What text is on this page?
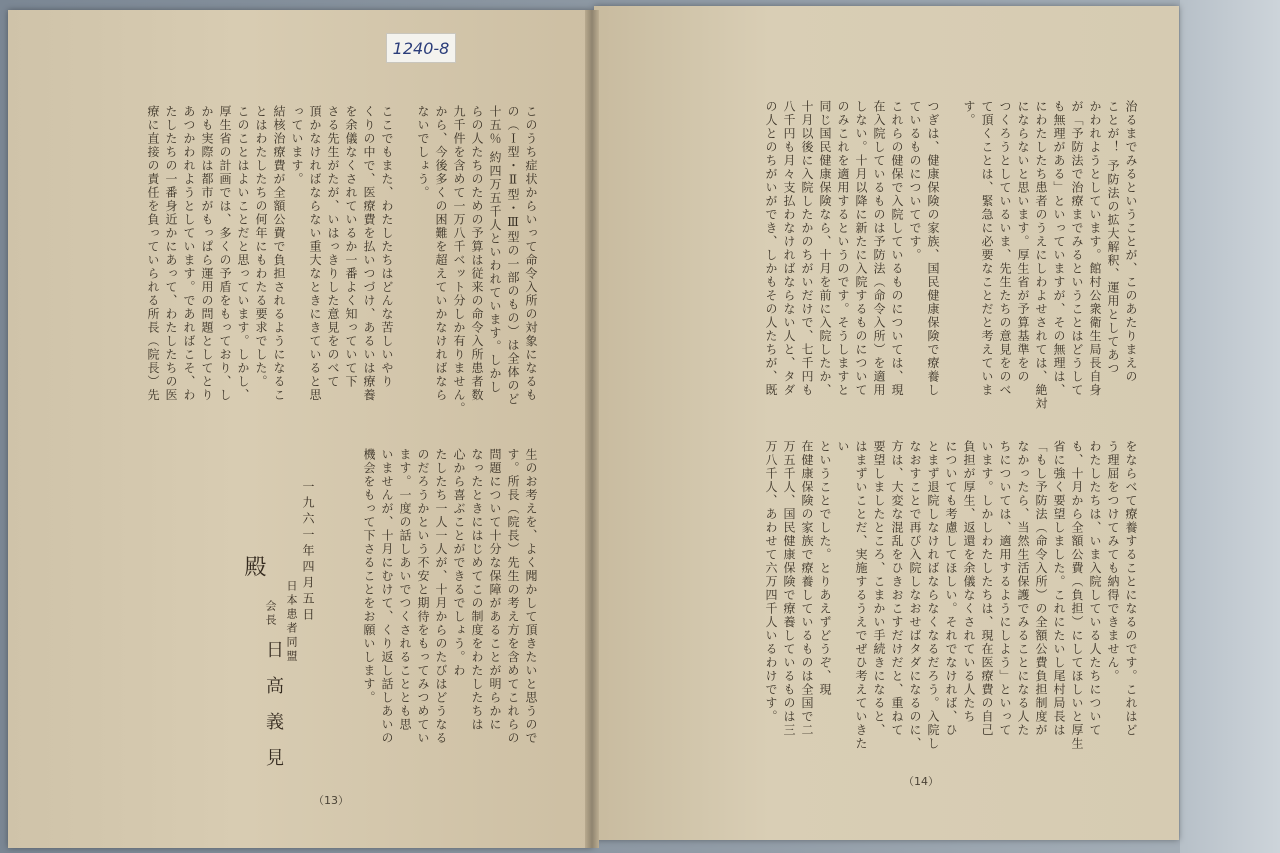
1240-8
このうち症状からいって命令入所の対象になるも
の（Ｉ型・Ⅱ型・Ⅲ型の一部のもの）は全体のど
十五％ 約四万五千人といわれています。しかし
らの人たちのための予算は従来の命令入所患者数
九千件を含めて一万八千ベット分しか有りません。
から、今後多くの困難を超えていかなければなら
ないでしょう。

ここでもまた、わたしたちはどんな苦しいやり
くりの中で、医療費を払いつづけ、あるいは療養
を余儀なくされているか一番よく知っていて下
さる先生がたが、いはっきりした意見をのべて
頂かなければならない重大なときにきていると思
っています。
結核治療費が全額公費で負担されるようになるこ
とはわたしたちの何年にもわたる要求でした。
このことはよいことだと思っています。しかし、
厚生省の計画では、多くの予盾をもっており、し
かも実際は都市がもっぱら運用の問題としてとり
あつかわれようとしています。であればこそ、わ
たしたちの一番身近かにあって、わたしたちの医
療に直接の責任を負っていられる所長（院長）先
生のお考えを、よく聞かして頂きたいと思うので
す。所長（院長）先生の考え方を含めてこれらの
問題について十分な保障があることが明らかに
なったときにはじめてこの制度をわたしたちは
心から喜ぶことができるでしょう。わ
たしたち一人一人が、十月からのたびはどうなる
のだろうかという不安と期待をもってみつめてい
ます。一度の話しあいでつくされることとも思
いませんが、十月にむけて、くり返し話しあいの
機会をもって下さることをお願いします。
一九六一年四月五日
殿
日本患者同盟
会長
日高義見
（13）
治るまでみるということが、このあたりまえの
ことが！ 予防法の拡大解釈、運用としてあつ
かわれようとしています。館村公衆衛生局長自身
が「予防法で治療までみるということはどうして
も無理がある」といっていますが、その無理は、
にわたしたち患者のうえにしわよせされては、絶対
にならないと思います。厚生省が予算基準をの
つくろうとしているいま、先生たちの意見をのべ
て頂くことは、緊急に必要なことだと考えていま
す。

つぎは、健康保険の家族、国民健康保険で療養し
ているものについてです。
これらの健保で入院しているものについては、現
在入院しているものは予防法（命令入所）を適用
しない。十月以降に新たに入院するものについて
のみこれを適用するというのです。そうしますと
同じ国民健康保険なら、十月を前に入院したか、
十月以後に入院したかのちがいだけで、七千円も
八千円も月々支払わなければならない人と、タダ
の人とのちがいができ、しかもその人たちが、既
をならべて療養することになるのです。これはど
う理屈をつけてみても納得できません。
わたしたちは、いま入院している人たちについて
も、十月から全額公費（負担）にしてほしいと厚生
省に強く要望しました。これにたいし尾村局長は
「もし予防法（命令入所）の全額公費負担制度が
なかったら、当然生活保護でみることになる人た
ちについては、適用するようにしよう」といって
います。しかしわたしたちは、現在医療費の自己
負担が厚生、返還を余儀なくされている人たち
についても考慮してほしい。それでなければ、ひ
とまず退院しなければならなくなるだろう。入院し
なおすことで再び入院しなおせばタダになるのに、
方は、大変な混乱をひきおこすだけだと、重ねて
要望しましたところ、こまかい手続きになると、
はまずいことだ、実施するうえでぜひ考えていきたい
ということでした。とりあえずどうぞ、現
在健康保険の家族で療養しているものは全国で二
万五千人、国民健康保険で療養しているものは三
万八千人、あわせて六万四千人いるわけです。
（14）
